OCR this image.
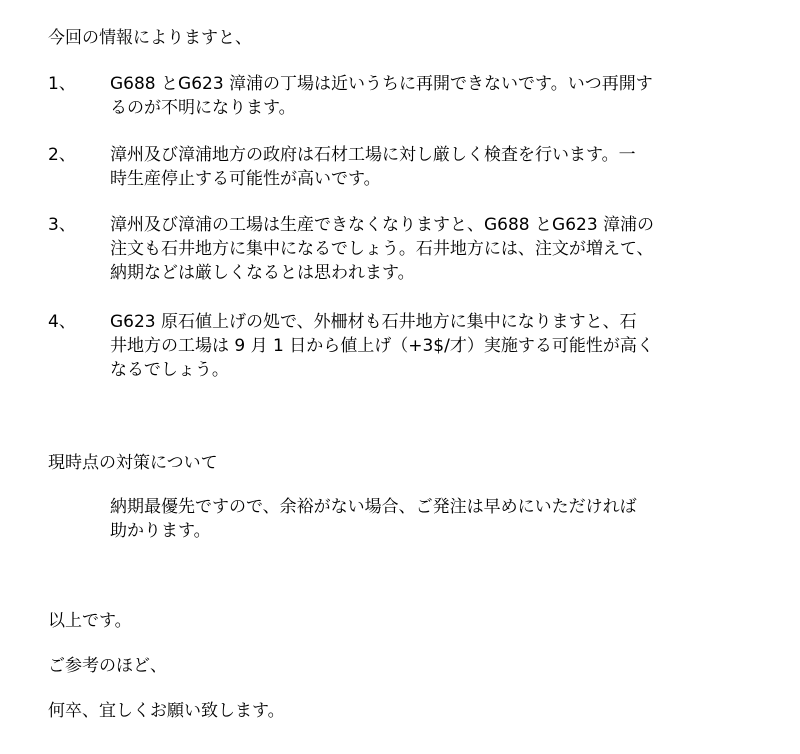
今回の情報によりますと、
1、 G688 とG623 漳浦の丁場は近いうちに再開できないです。いつ再開す
るのが不明になります。
2、 漳州及び漳浦地方の政府は石材工場に対し厳しく検査を行います。一
時生産停止する可能性が高いです。
3、 漳州及び漳浦の工場は生産できなくなりますと、G688 とG623 漳浦の
注文も石井地方に集中になるでしょう。石井地方には、注文が増えて、
納期などは厳しくなるとは思われます。
4、 G623 原石値上げの処で、外柵材も石井地方に集中になりますと、石
井地方の工場は 9 月 1 日から値上げ（+3$/才）実施する可能性が高く
なるでしょう。
現時点の対策について
納期最優先ですので、余裕がない場合、ご発注は早めにいただければ
助かります。
以上です。
ご参考のほど、
何卒、宜しくお願い致します。
